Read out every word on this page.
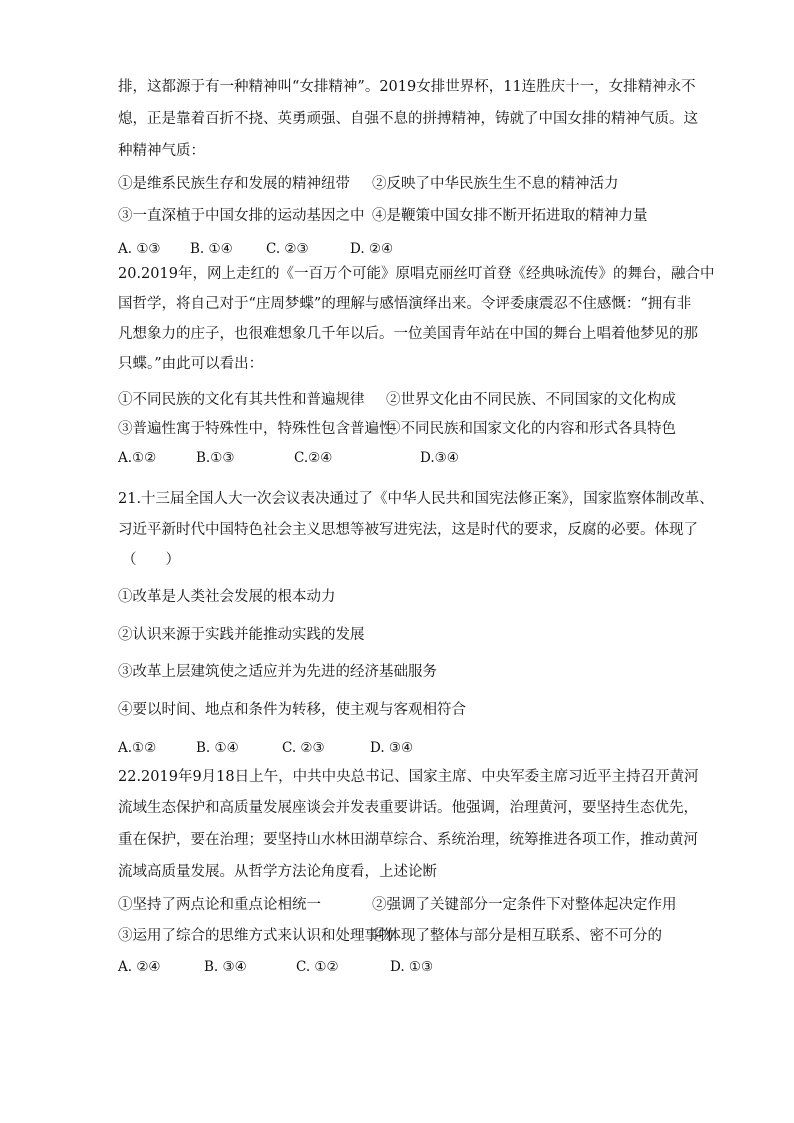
排，这都源于有一种精神叫“女排精神”。2019女排世界杯，11连胜庆十一，女排精神永不
熄，正是靠着百折不挠、英勇顽强、自强不息的拼搏精神，铸就了中国女排的精神气质。这
种精神气质：
①是维系民族生存和发展的精神纽带 ②反映了中华民族生生不息的精神活力
③一直深植于中国女排的运动基因之中 ④是鞭策中国女排不断开拓进取的精神力量
A. ①③ B. ①④ C. ②③	D. ②④
20.2019年，网上走红的《一百万个可能》原唱克丽丝叮首登《经典咏流传》的舞台，融合中
国哲学，将自己对于“庄周梦蝶”的理解与感悟演绎出来。令评委康震忍不住感慨：“拥有非
凡想象力的庄子，也很难想象几千年以后。一位美国青年站在中国的舞台上唱着他梦见的那
只蝶。”由此可以看出：
①不同民族的文化有其共性和普遍规律 ②世界文化由不同民族、不同国家的文化构成
③普遍性寓于特殊性中，特殊性包含普遍性
④不同民族和国家文化的内容和形式各具特色
A.①②	B.①③	C.②④	D.③④
21.十三届全国人大一次会议表决通过了《中华人民共和国宪法修正案》，国家监察体制改革、
习近平新时代中国特色社会主义思想等被写进宪法，这是时代的要求，反腐的必要。体现了
（　　）
①改革是人类社会发展的根本动力
②认识来源于实践并能推动实践的发展
③改革上层建筑使之适应并为先进的经济基础服务
④要以时间、地点和条件为转移，使主观与客观相符合
A.①②	B. ①④	C. ②③	D. ③④
22.2019年9月18日上午，中共中央总书记、国家主席、中央军委主席习近平主持召开黄河
流域生态保护和高质量发展座谈会并发表重要讲话。他强调，治理黄河，要坚持生态优先，
重在保护，要在治理；要坚持山水林田湖草综合、系统治理，统筹推进各项工作，推动黄河
流域高质量发展。从哲学方法论角度看，上述论断
①坚持了两点论和重点论相统一	②强调了关键部分一定条件下对整体起决定作用
③运用了综合的思维方式来认识和处理事物
④体现了整体与部分是相互联系、密不可分的
A. ②④	B. ③④	C. ①②	D. ①③
